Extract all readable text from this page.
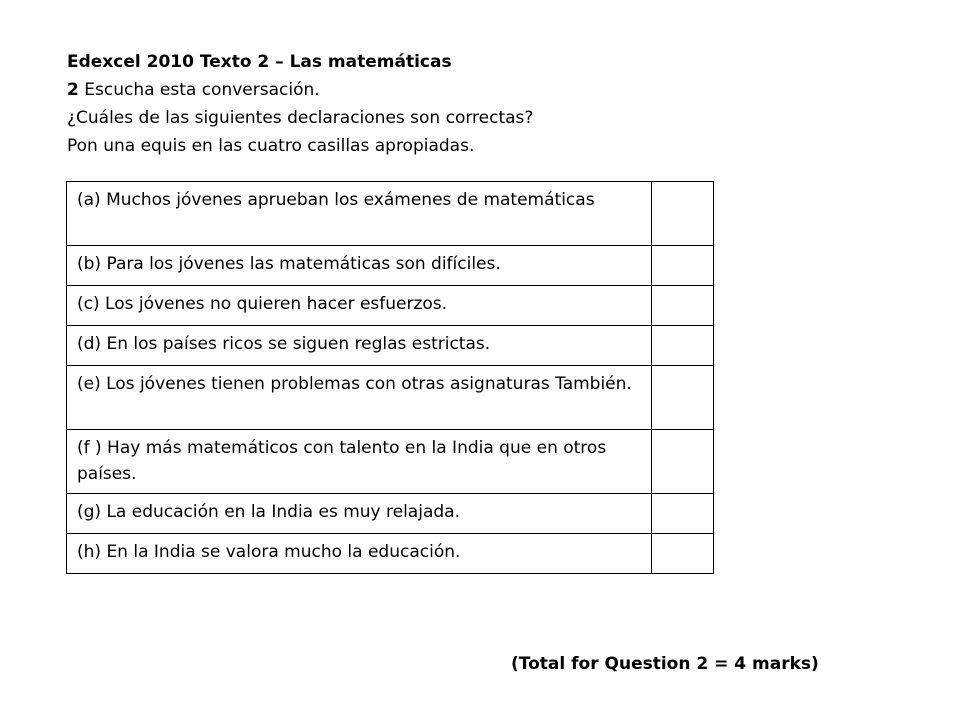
Edexcel 2010 Texto 2 – Las matemáticas
2 Escucha esta conversación.
¿Cuáles de las siguientes declaraciones son correctas?
Pon una equis en las cuatro casillas apropiadas.
(a) Muchos jóvenes aprueban los exámenes de matemáticas	
(b) Para los jóvenes las matemáticas son difíciles.	
(c) Los jóvenes no quieren hacer esfuerzos.	
(d) En los países ricos se siguen reglas estrictas.	
(e) Los jóvenes tienen problemas con otras asignaturas También.	
(f ) Hay más matemáticos con talento en la India que en otros países.	
(g) La educación en la India es muy relajada.	
(h) En la India se valora mucho la educación.	
(Total for Question 2 = 4 marks)
